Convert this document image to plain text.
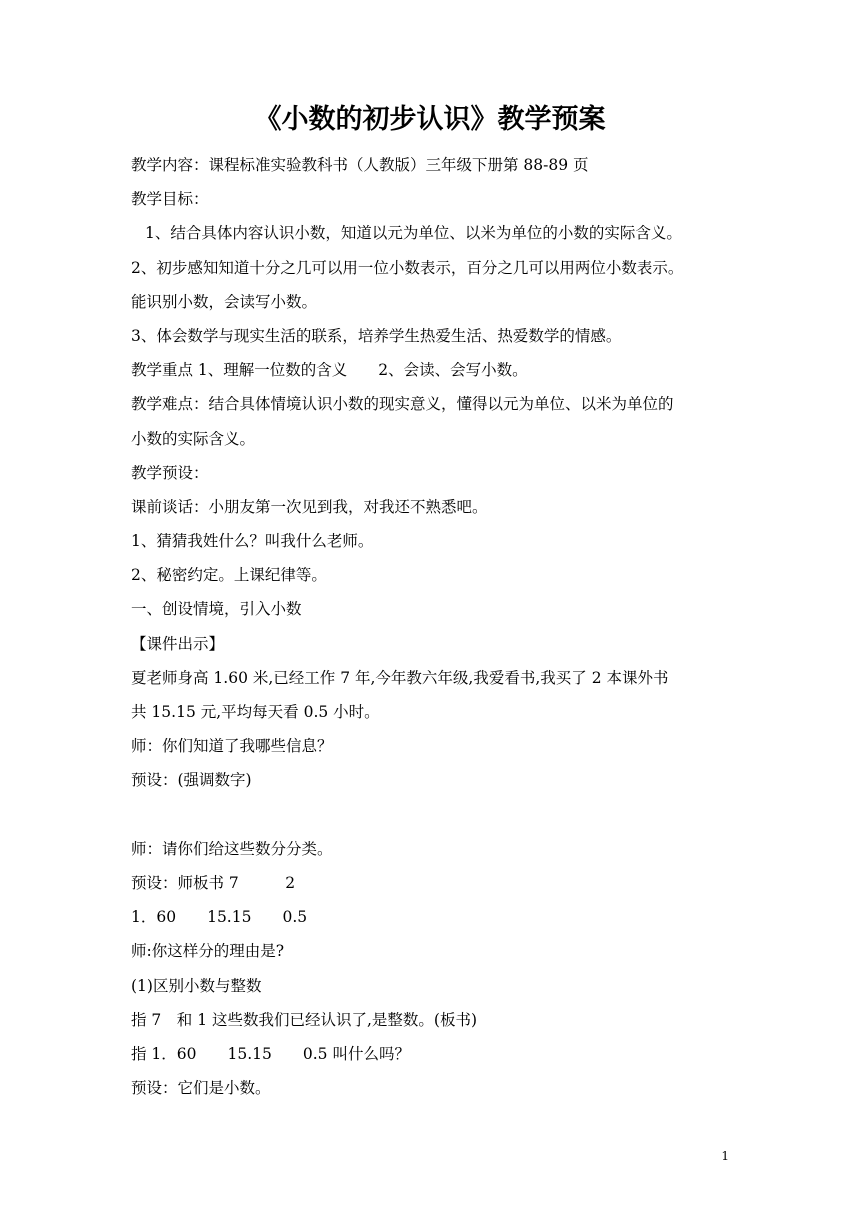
《小数的初步认识》教学预案
教学内容：课程标准实验教科书（人教版）三年级下册第 88-89 页
教学目标：
1、结合具体内容认识小数，知道以元为单位、以米为单位的小数的实际含义。
2、初步感知知道十分之几可以用一位小数表示，百分之几可以用两位小数表示。
能识别小数，会读写小数。
3、体会数学与现实生活的联系，培养学生热爱生活、热爱数学的情感。
教学重点 1、理解一位数的含义　　2、会读、会写小数。
教学难点：结合具体情境认识小数的现实意义，懂得以元为单位、以米为单位的
小数的实际含义。
教学预设：
课前谈话：小朋友第一次见到我，对我还不熟悉吧。
1、猜猜我姓什么？叫我什么老师。
2、秘密约定。上课纪律等。
一、创设情境，引入小数
【课件出示】
夏老师身高 1.60 米,已经工作 7 年,今年教六年级,我爱看书,我买了 2 本课外书
共 15.15 元,平均每天看 0.5 小时。
师：你们知道了我哪些信息？
预设：(强调数字)
师：请你们给这些数分分类。
预设：师板书 7　　　2
1．60　　15.15　　0.5
师:你这样分的理由是?
(1)区别小数与整数
指 7　和 1 这些数我们已经认识了,是整数。(板书)
指 1．60　　15.15　　0.5 叫什么吗？
预设：它们是小数。
1
